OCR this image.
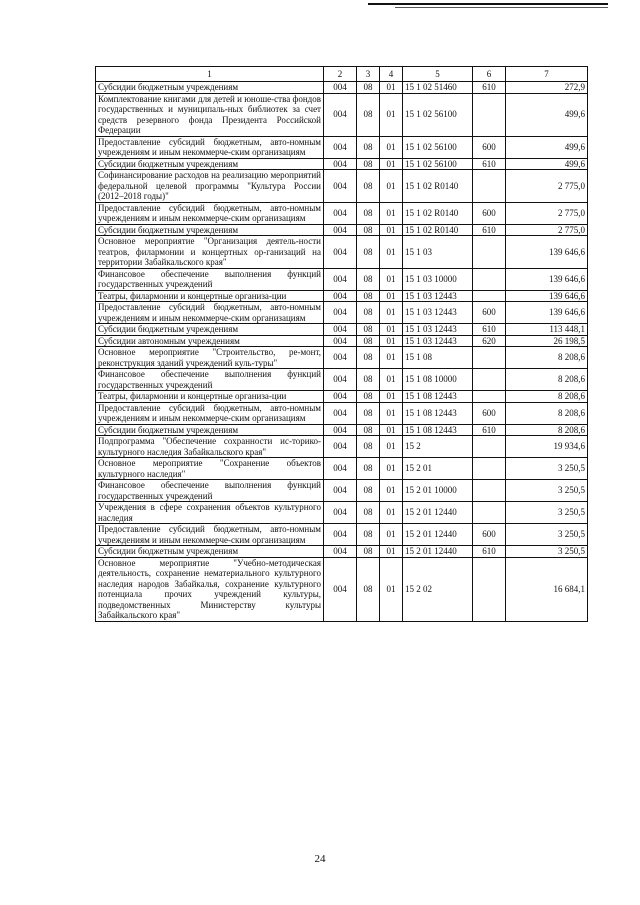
1	2	3	4	5	6	7
Субсидии бюджетным учреждениям	004	08	01	15 1 02 51460	610	272,9
Комплектование книгами для детей и юноше-ства фондов государственных и муниципаль-ных библиотек за счет средств резервного фонда Президента Российской Федерации	004	08	01	15 1 02 56100		499,6
Предоставление субсидий бюджетным, авто-номным учреждениям и иным некоммерче-ским организациям	004	08	01	15 1 02 56100	600	499,6
Субсидии бюджетным учреждениям	004	08	01	15 1 02 56100	610	499,6
Софинансирование расходов на реализацию мероприятий федеральной целевой программы "Культура России (2012–2018 годы)"	004	08	01	15 1 02 R0140		2 775,0
Предоставление субсидий бюджетным, авто-номным учреждениям и иным некоммерче-ским организациям	004	08	01	15 1 02 R0140	600	2 775,0
Субсидии бюджетным учреждениям	004	08	01	15 1 02 R0140	610	2 775,0
Основное мероприятие "Организация деятель-ности театров, филармонии и концертных ор-ганизаций на территории Забайкальского края"	004	08	01	15 1 03		139 646,6
Финансовое обеспечение выполнения функций государственных учреждений	004	08	01	15 1 03 10000		139 646,6
Театры, филармонии и концертные организа-ции	004	08	01	15 1 03 12443		139 646,6
Предоставление субсидий бюджетным, авто-номным учреждениям и иным некоммерче-ским организациям	004	08	01	15 1 03 12443	600	139 646,6
Субсидии бюджетным учреждениям	004	08	01	15 1 03 12443	610	113 448,1
Субсидии автономным учреждениям	004	08	01	15 1 03 12443	620	26 198,5
Основное мероприятие "Строительство, ре-монт, реконструкция зданий учреждений куль-туры"	004	08	01	15 1 08		8 208,6
Финансовое обеспечение выполнения функций государственных учреждений	004	08	01	15 1 08 10000		8 208,6
Театры, филармонии и концертные организа-ции	004	08	01	15 1 08 12443		8 208,6
Предоставление субсидий бюджетным, авто-номным учреждениям и иным некоммерче-ским организациям	004	08	01	15 1 08 12443	600	8 208,6
Субсидии бюджетным учреждениям	004	08	01	15 1 08 12443	610	8 208,6
Подпрограмма "Обеспечение сохранности ис-торико-культурного наследия Забайкальского края"	004	08	01	15 2		19 934,6
Основное мероприятие "Сохранение объектов культурного наследия"	004	08	01	15 2 01		3 250,5
Финансовое обеспечение выполнения функций государственных учреждений	004	08	01	15 2 01 10000		3 250,5
Учреждения в сфере сохранения объектов культурного наследия	004	08	01	15 2 01 12440		3 250,5
Предоставление субсидий бюджетным, авто-номным учреждениям и иным некоммерче-ским организациям	004	08	01	15 2 01 12440	600	3 250,5
Субсидии бюджетным учреждениям	004	08	01	15 2 01 12440	610	3 250,5
Основное мероприятие "Учебно-методическая деятельность, сохранение нематериального культурного наследия народов Забайкалья, сохранение культурного потенциала прочих учреждений культуры, подведомственных Министерству культуры Забайкальского края"	004	08	01	15 2 02		16 684,1
24
